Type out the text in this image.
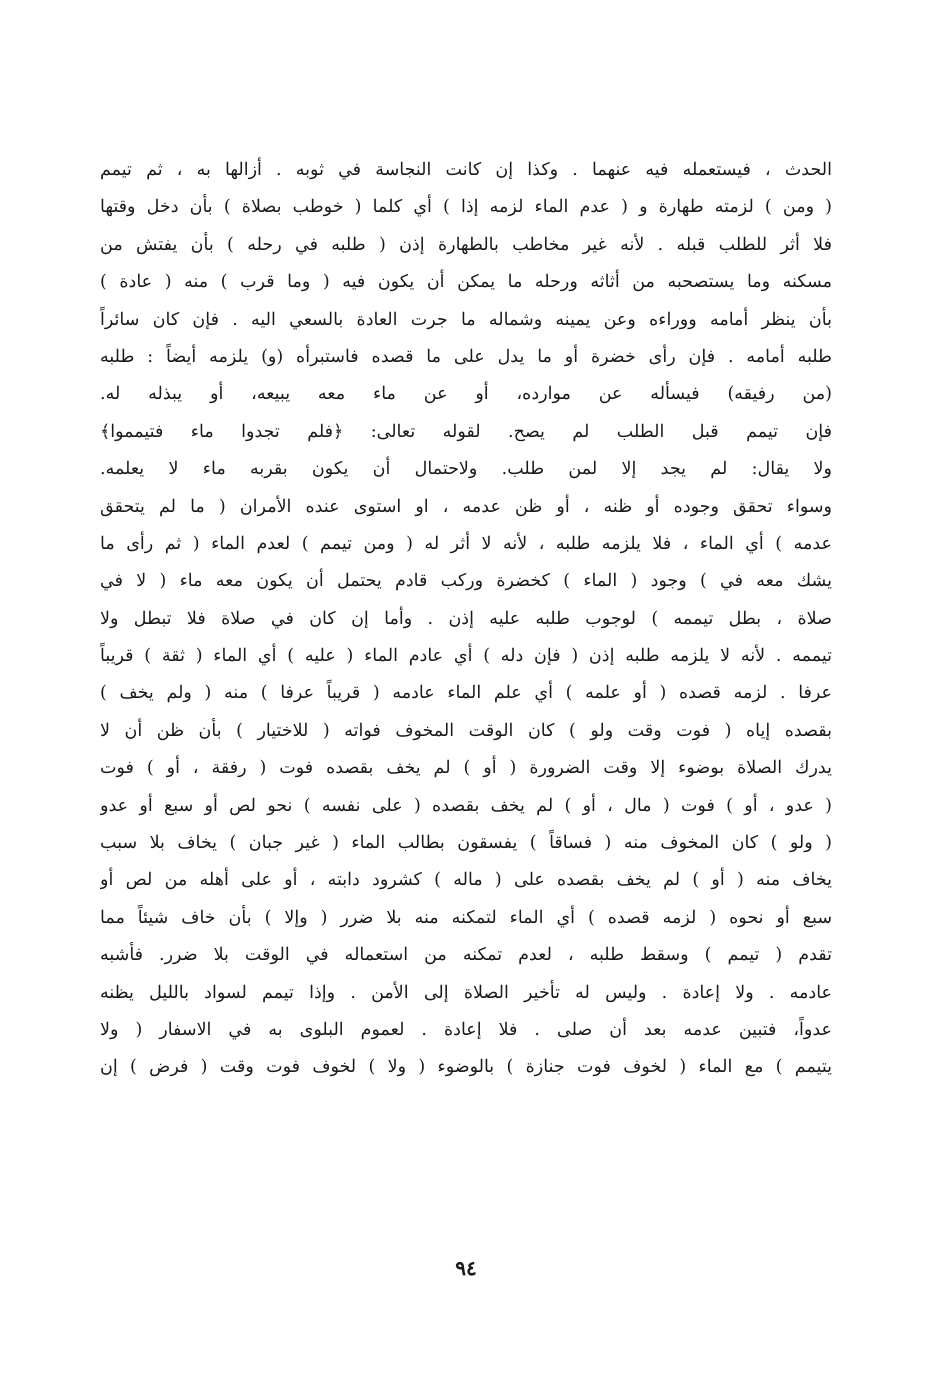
الحدث ، فيستعمله فيه عنهما . وكذا إن كانت النجاسة في ثوبه . أزالها به ، ثم تيمم
( ومن ) لزمته طهارة و ( عدم الماء لزمه إذا ) أي كلما ( خوطب بصلاة ) بأن دخل وقتها
فلا أثر للطلب قبله . لأنه غير مخاطب بالطهارة إذن ( طلبه في رحله ) بأن يفتش من
مسكنه وما يستصحبه من أثاثه ورحله ما يمكن أن يكون فيه ( وما قرب ) منه ( عادة )
بأن ينظر أمامه ووراءه وعن يمينه وشماله ما جرت العادة بالسعي اليه . فإن كان سائراً
طلبه أمامه . فإن رأى خضرة أو ما يدل على ما قصده فاستبرأه (و) يلزمه أيضاً : طلبه
(من رفيقه) فيسأله عن موارده، أو عن ماء معه يبيعه، أو يبذله له.
فإن تيمم قبل الطلب لم يصح. لقوله تعالى: ﴿فلم تجدوا ماء فتيمموا﴾
ولا يقال: لم يجد إلا لمن طلب. ولاحتمال أن يكون بقربه ماء لا يعلمه.
وسواء تحقق وجوده أو ظنه ، أو ظن عدمه ، او استوى عنده الأمران ( ما لم يتحقق
عدمه ) أي الماء ، فلا يلزمه طلبه ، لأنه لا أثر له ( ومن تيمم ) لعدم الماء ( ثم رأى ما
يشك معه في ) وجود ( الماء ) كخضرة وركب قادم يحتمل أن يكون معه ماء ( لا في
صلاة ، بطل تيممه ) لوجوب طلبه عليه إذن . وأما إن كان في صلاة فلا تبطل ولا
تيممه . لأنه لا يلزمه طلبه إذن ( فإن دله ) أي عادم الماء ( عليه ) أي الماء ( ثقة ) قريباً
عرفا . لزمه قصده ( أو علمه ) أي علم الماء عادمه ( قريباً عرفا ) منه ( ولم يخف )
بقصده إياه ( فوت وقت ولو ) كان الوقت المخوف فواته ( للاختيار ) بأن ظن أن لا
يدرك الصلاة بوضوء إلا وقت الضرورة ( أو ) لم يخف بقصده فوت ( رفقة ، أو ) فوت
( عدو ، أو ) فوت ( مال ، أو ) لم يخف بقصده ( على نفسه ) نحو لص أو سبع أو عدو
( ولو ) كان المخوف منه ( فساقاً ) يفسقون بطالب الماء ( غير جبان ) يخاف بلا سبب
يخاف منه ( أو ) لم يخف بقصده على ( ماله ) كشرود دابته ، أو على أهله من لص أو
سبع أو نحوه ( لزمه قصده ) أي الماء لتمكنه منه بلا ضرر ( وإلا ) بأن خاف شيئاً مما
تقدم ( تيمم ) وسقط طلبه ، لعدم تمكنه من استعماله في الوقت بلا ضرر. فأشبه
عادمه . ولا إعادة . وليس له تأخير الصلاة إلى الأمن . وإذا تيمم لسواد بالليل يظنه
عدواً، فتبين عدمه بعد أن صلى . فلا إعادة . لعموم البلوى به في الاسفار ( ولا
يتيمم ) مع الماء ( لخوف فوت جنازة ) بالوضوء ( ولا ) لخوف فوت وقت ( فرض ) إن
٩٤
